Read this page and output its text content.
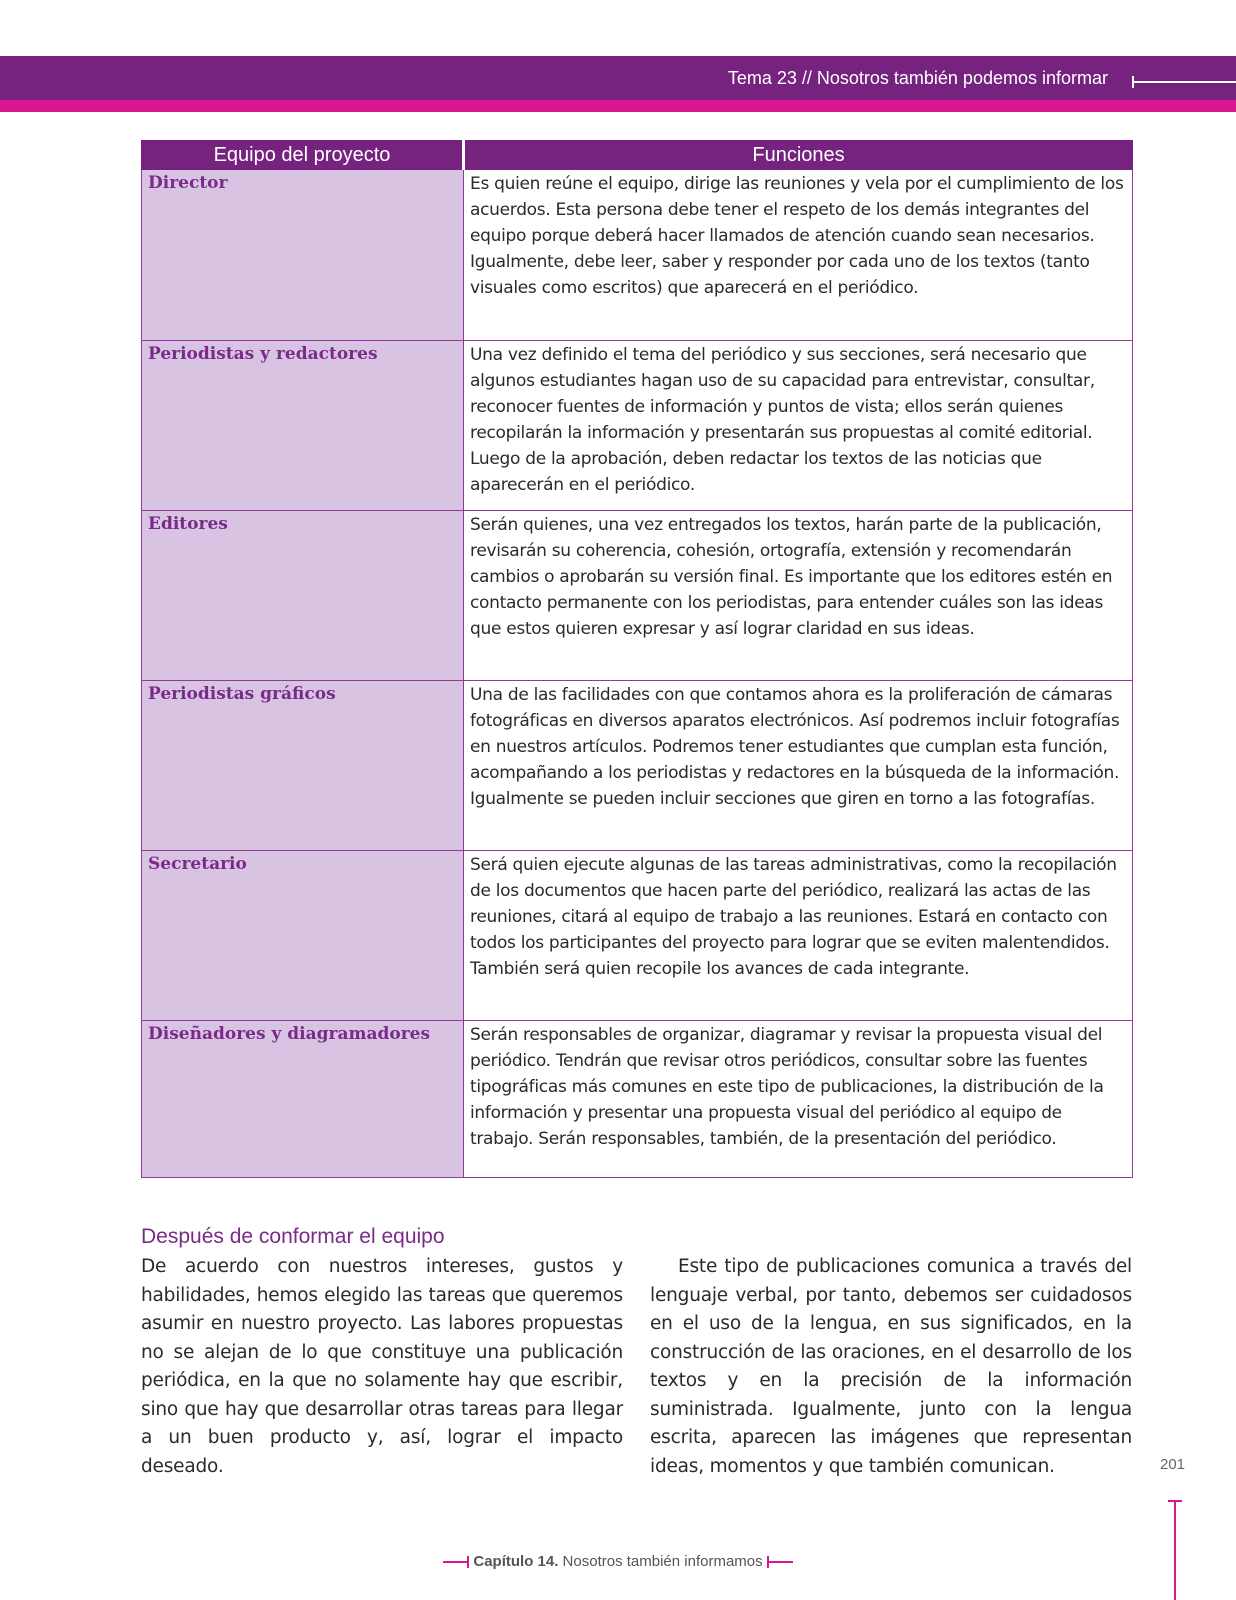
Tema 23 // Nosotros también podemos informar
Equipo del proyecto	Funciones
Director	Es quien reúne el equipo, dirige las reuniones y vela por el cumplimiento de los acuerdos. Esta persona debe tener el respeto de los demás integrantes del equipo porque deberá hacer llamados de atención cuando sean necesarios. Igualmente, debe leer, saber y responder por cada uno de los textos (tanto visuales como escritos) que aparecerá en el periódico.
Periodistas y redactores	Una vez definido el tema del periódico y sus secciones, será necesario que algunos estudiantes hagan uso de su capacidad para entrevistar, consultar, reconocer fuentes de información y puntos de vista; ellos serán quienes recopilarán la información y presentarán sus propuestas al comité editorial. Luego de la aprobación, deben redactar los textos de las noticias que aparecerán en el periódico.
Editores	Serán quienes, una vez entregados los textos, harán parte de la publicación, revisarán su coherencia, cohesión, ortografía, extensión y recomendarán cambios o aprobarán su versión final. Es importante que los editores estén en contacto permanente con los periodistas, para entender cuáles son las ideas que estos quieren expresar y así lograr claridad en sus ideas.
Periodistas gráficos	Una de las facilidades con que contamos ahora es la proliferación de cámaras fotográficas en diversos aparatos electrónicos. Así podremos incluir fotografías en nuestros artículos. Podremos tener estudiantes que cumplan esta función, acompañando a los periodistas y redactores en la búsqueda de la información. Igualmente se pueden incluir secciones que giren en torno a las fotografías.
Secretario	Será quien ejecute algunas de las tareas administrativas, como la recopilación de los documentos que hacen parte del periódico, realizará las actas de las reuniones, citará al equipo de trabajo a las reuniones. Estará en contacto con todos los participantes del proyecto para lograr que se eviten malentendidos. También será quien recopile los avances de cada integrante.
Diseñadores y diagramadores	Serán responsables de organizar, diagramar y revisar la propuesta visual del periódico. Tendrán que revisar otros periódicos, consultar sobre las fuentes tipográficas más comunes en este tipo de publicaciones, la distribución de la información y presentar una propuesta visual del periódico al equipo de trabajo. Serán responsables, también, de la presentación del periódico.
Después de conformar el equipo

De acuerdo con nuestros intereses, gustos y habilidades, hemos elegido las tareas que queremos asumir en nuestro proyecto. Las labores propuestas no se alejan de lo que constituye una publicación periódica, en la que no solamente hay que escribir, sino que hay que desarrollar otras tareas para llegar a un buen producto y, así, lograr el impacto deseado.

Este tipo de publicaciones comunica a través del lenguaje verbal, por tanto, debemos ser cuidadosos en el uso de la lengua, en sus significados, en la construcción de las oraciones, en el desarrollo de los textos y en la precisión de la información suministrada. Igualmente, junto con la lengua escrita, aparecen las imágenes que representan ideas, momentos y que también comunican.	201
Capítulo 14. Nosotros también informamos
